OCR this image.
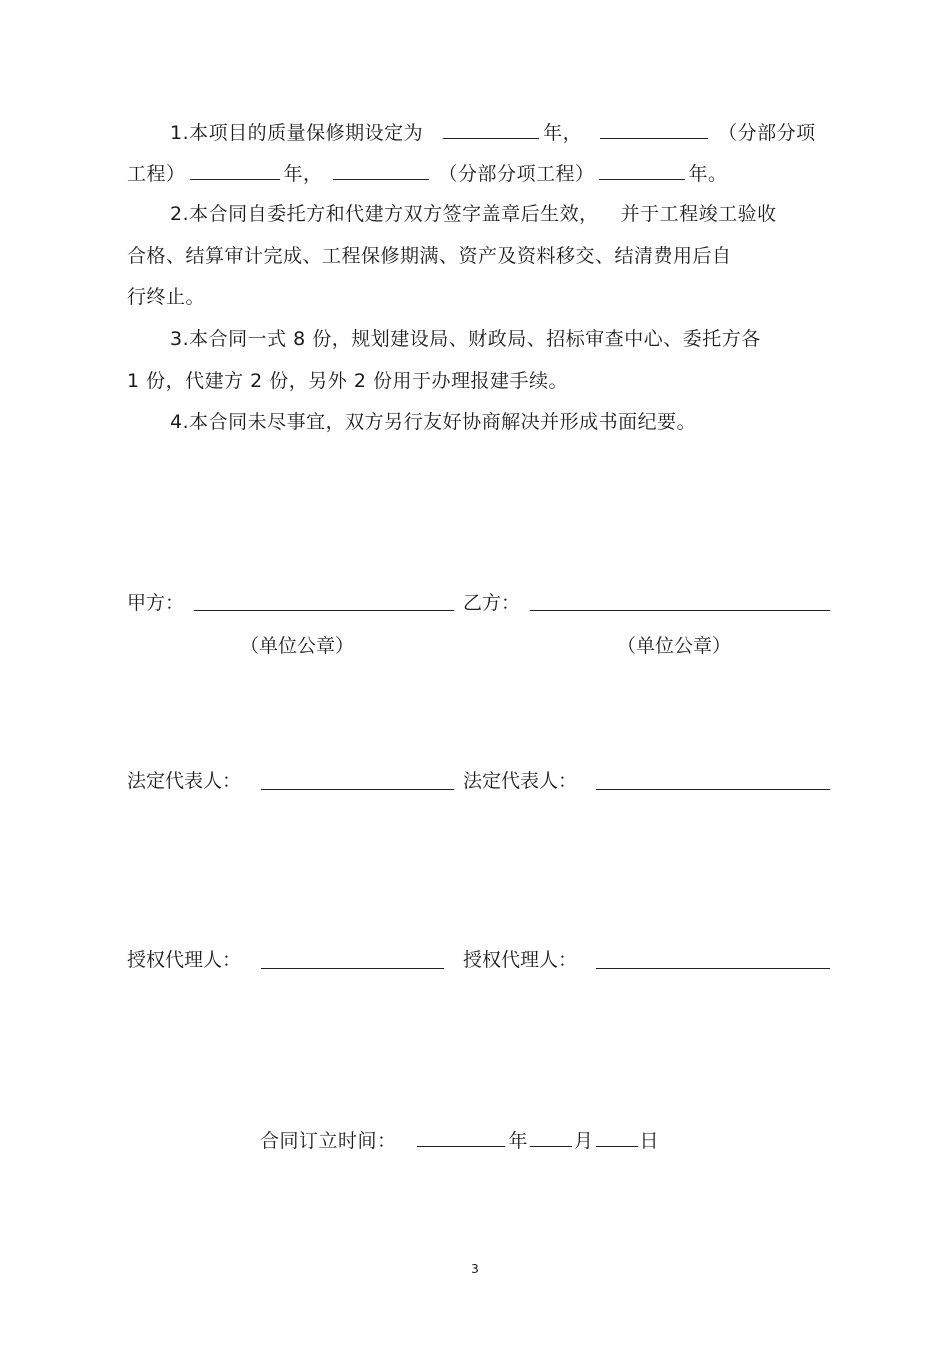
1.本项目的质量保修期设定为	年，	（分部分项
工程）	年，	（分部分项工程）	年。
2.本合同自委托方和代建方双方签字盖章后生效， 并于工程竣工验收
合格、结算审计完成、工程保修期满、资产及资料移交、结清费用后自
行终止。
3.本合同一式 8 份，规划建设局、财政局、招标审查中心、委托方各
1 份，代建方 2 份，另外 2 份用于办理报建手续。
4.本合同未尽事宜，双方另行友好协商解决并形成书面纪要。
甲方：	乙方：
（单位公章）	（单位公章）
法定代表人：	法定代表人：
授权代理人：	授权代理人：
合同订立时间：	年 月 日
3
